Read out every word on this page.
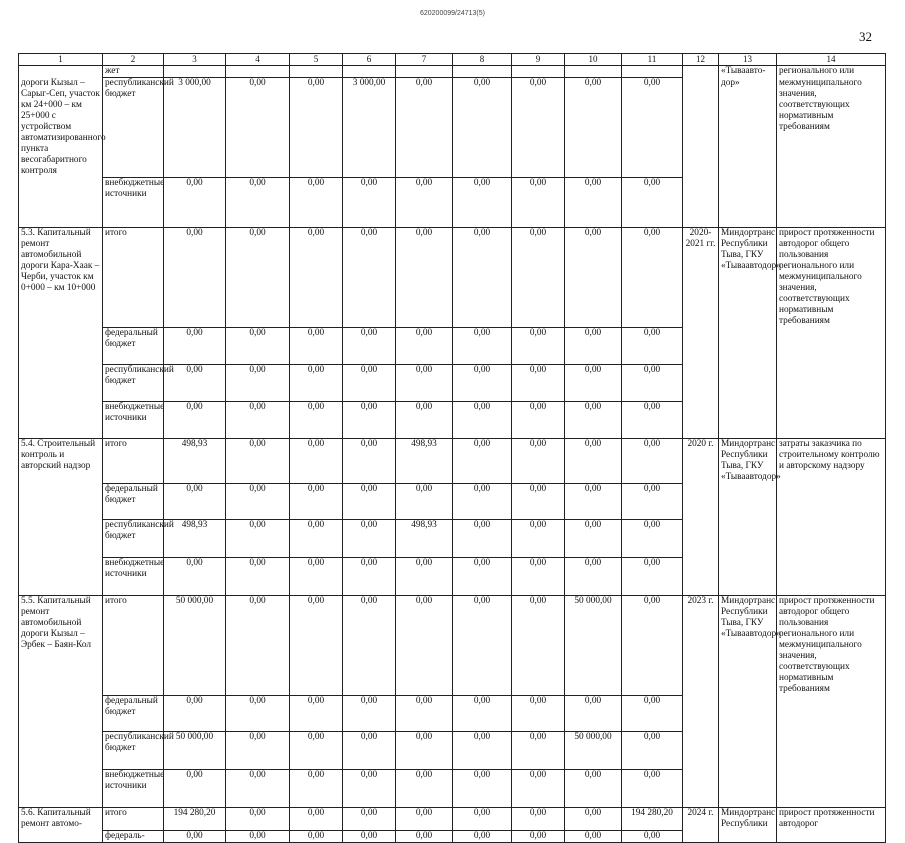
620200099/24713(5)
32
1	2	3	4	5	6	7	8	9	10	11	12	13	14
	жет											«Тываавто-	регионального или
дороги Кызыл – Сарыг-Сеп, участок км 24+000 – км 25+000 с устройством автоматизированного пункта весогабаритного контроля	республиканский бюджет	3 000,00	0,00	0,00	3 000,00	0,00	0,00	0,00	0,00	0,00		дор»	межмуниципального значения, соответствующих нормативным требованиям
	внебюджетные источники	0,00	0,00	0,00	0,00	0,00	0,00	0,00	0,00	0,00			
5.3. Капитальный ремонт автомобильной дороги Кара-Хаак – Черби, участок км 0+000 – км 10+000	итого	0,00	0,00	0,00	0,00	0,00	0,00	0,00	0,00	0,00	2020-2021 гг.	Миндортранс Республики Тыва, ГКУ «Тываавтодор»	прирост протяженности автодорог общего пользования регионального или межмуниципального значения, соответствующих нормативным требованиям
	федеральный бюджет	0,00	0,00	0,00	0,00	0,00	0,00	0,00	0,00	0,00			
	республиканский бюджет	0,00	0,00	0,00	0,00	0,00	0,00	0,00	0,00	0,00			
	внебюджетные источники	0,00	0,00	0,00	0,00	0,00	0,00	0,00	0,00	0,00			
5.4. Строительный контроль и авторский надзор	итого	498,93	0,00	0,00	0,00	498,93	0,00	0,00	0,00	0,00	2020 г.	Миндортранс Республики Тыва, ГКУ «Тываавтодор»	затраты заказчика по строительному контролю и авторскому надзору
	федеральный бюджет	0,00	0,00	0,00	0,00	0,00	0,00	0,00	0,00	0,00			
	республиканский бюджет	498,93	0,00	0,00	0,00	498,93	0,00	0,00	0,00	0,00			
	внебюджетные источники	0,00	0,00	0,00	0,00	0,00	0,00	0,00	0,00	0,00			
5.5. Капитальный ремонт автомобильной дороги Кызыл – Эрбек – Баян-Кол	итого	50 000,00	0,00	0,00	0,00	0,00	0,00	0,00	50 000,00	0,00	2023 г.	Миндортранс Республики Тыва, ГКУ «Тываавтодор»	прирост протяженности автодорог общего пользования регионального или межмуниципального значения, соответствующих нормативным требованиям
	федеральный бюджет	0,00	0,00	0,00	0,00	0,00	0,00	0,00	0,00	0,00			
	республиканский бюджет	50 000,00	0,00	0,00	0,00	0,00	0,00	0,00	50 000,00	0,00			
	внебюджетные источники	0,00	0,00	0,00	0,00	0,00	0,00	0,00	0,00	0,00			
5.6. Капитальный ремонт автомо-	итого	194 280,20	0,00	0,00	0,00	0,00	0,00	0,00	0,00	194 280,20	2024 г.	Миндортранс Республики	прирост протяженности автодорог
	федераль-	0,00	0,00	0,00	0,00	0,00	0,00	0,00	0,00	0,00			
